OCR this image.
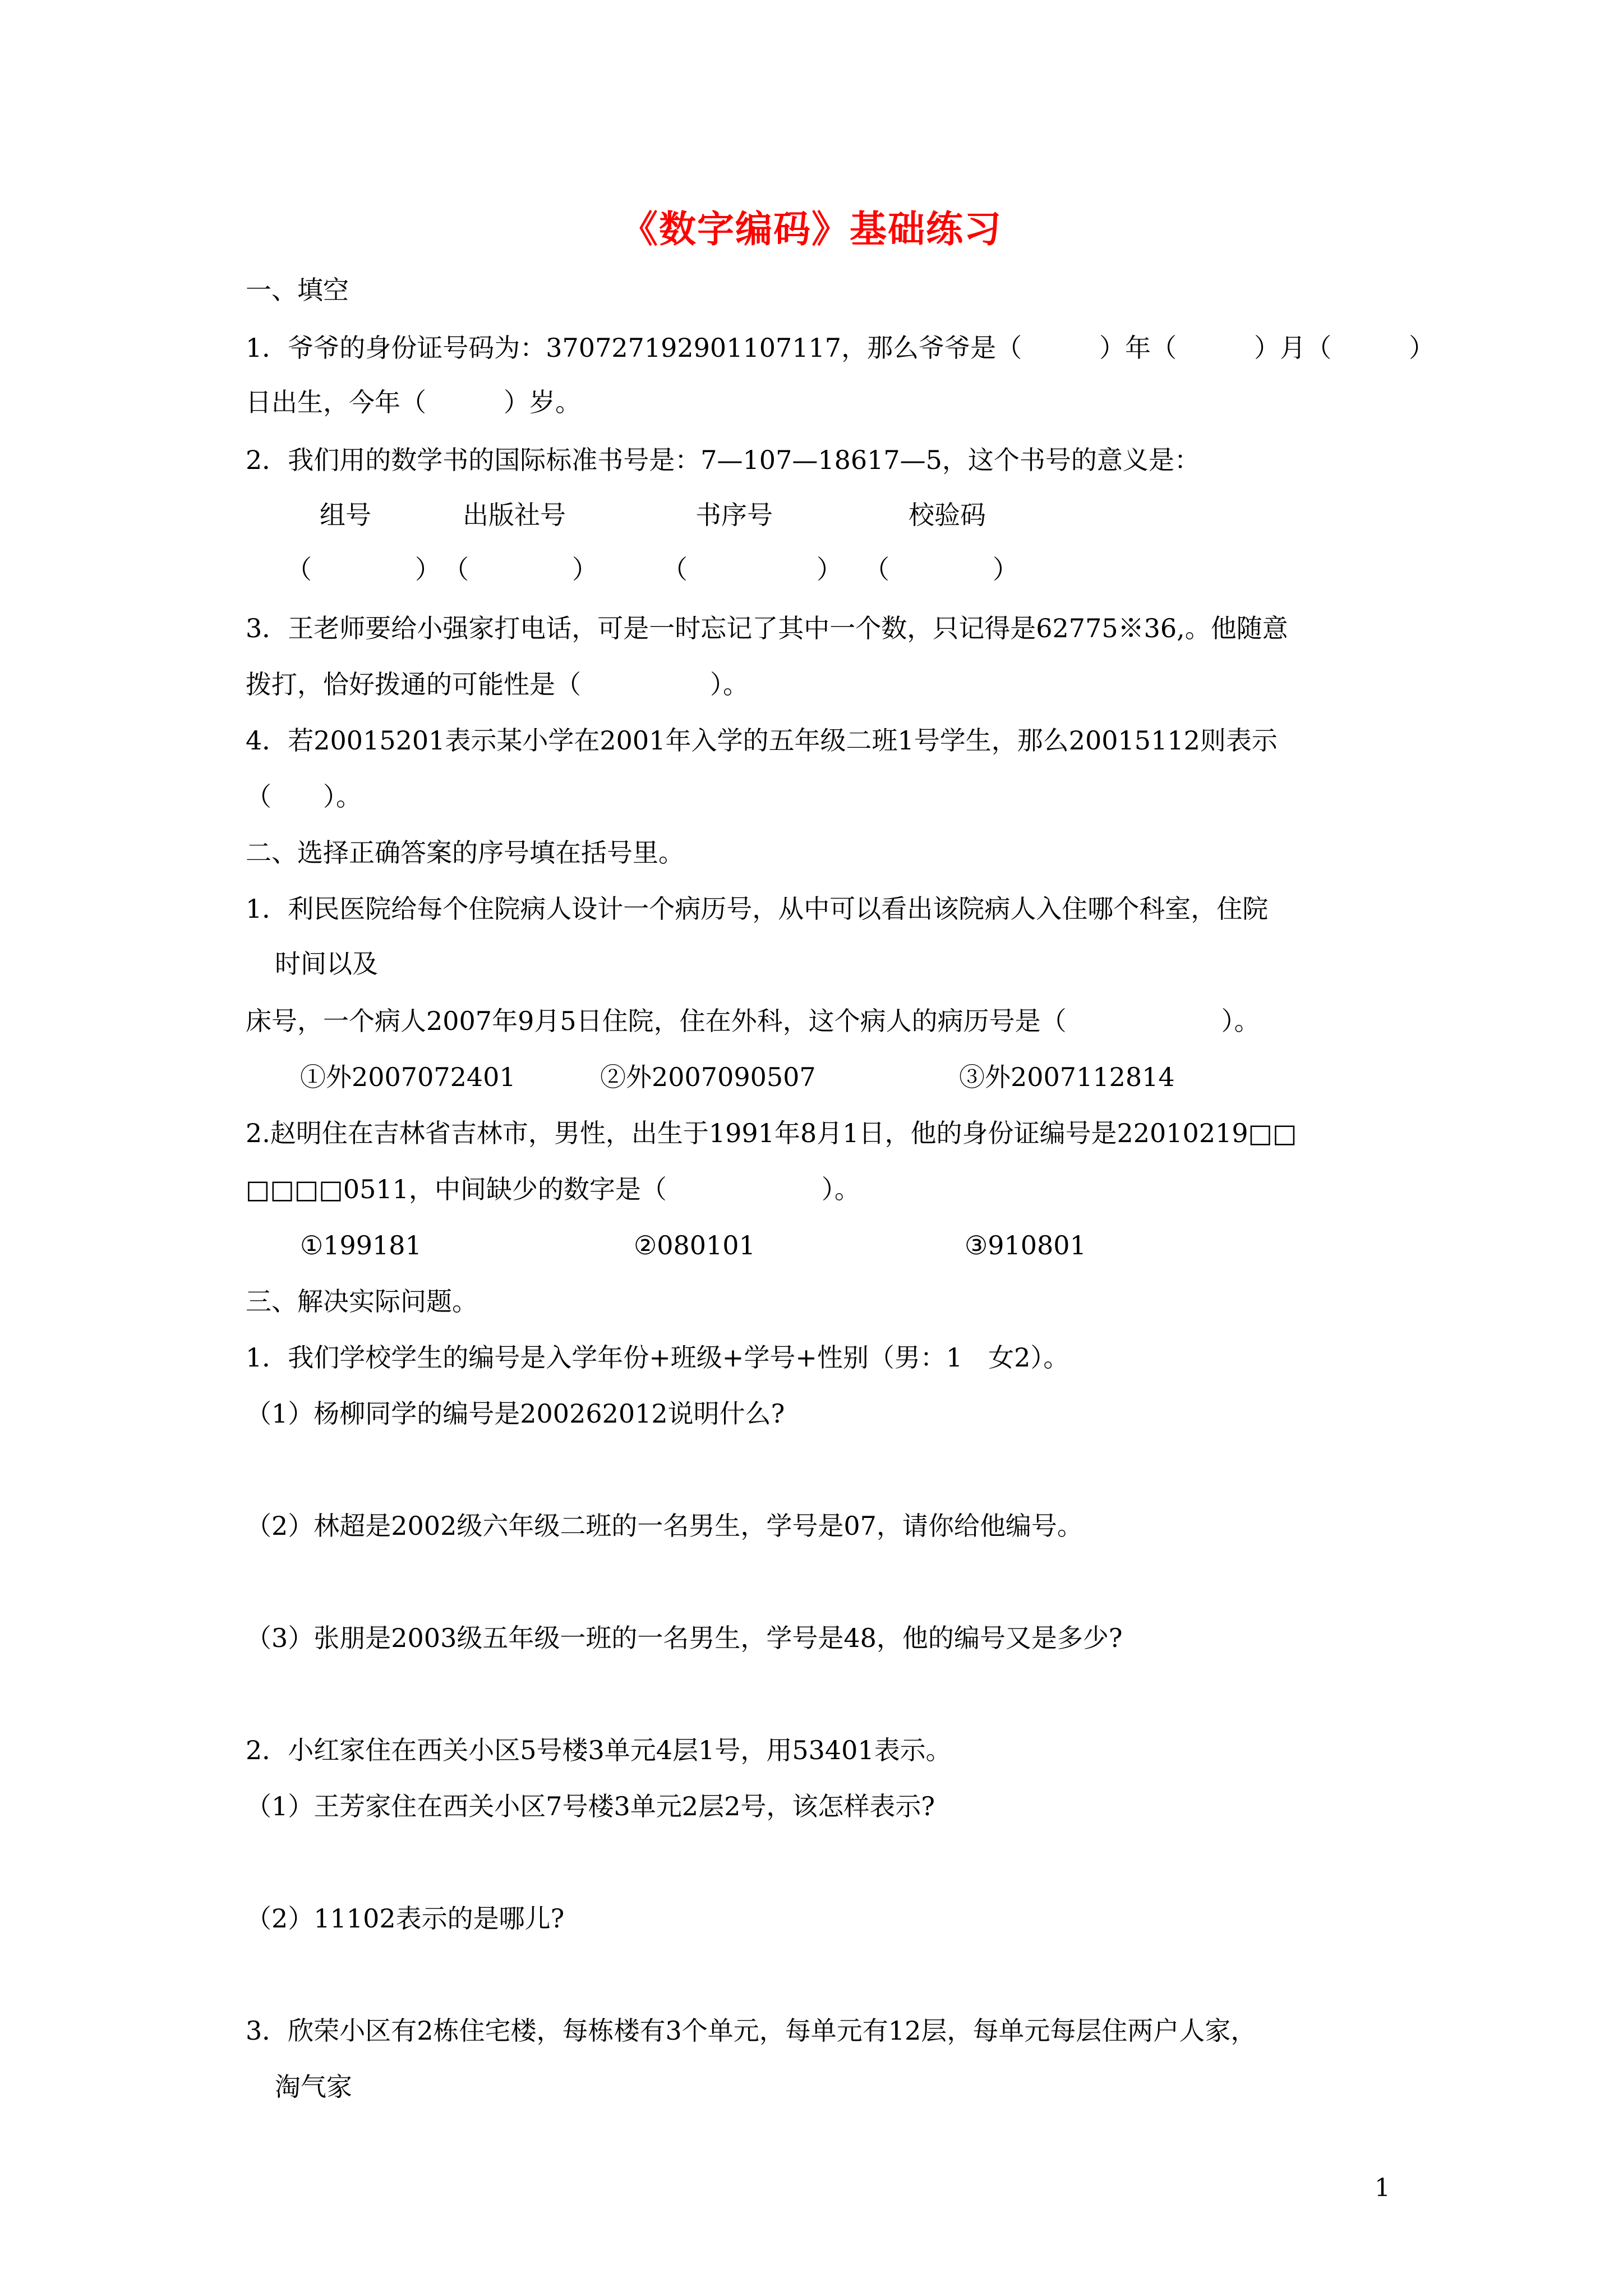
《数字编码》基础练习
一、填空
1．爷爷的身份证号码为：370727192901107117，那么爷爷是（　　　）年（　　　）月（　　　）
日出生，今年（　　　）岁。
2．我们用的数学书的国际标准书号是：7—107—18617—5，这个书号的意义是：
组号	出版社号	书序号	校验码
（　　　　） （　　　　） （　　　　　） （　　　　）
3．王老师要给小强家打电话，可是一时忘记了其中一个数，只记得是62775※36,。他随意
拨打，恰好拨通的可能性是（　　　　　）。
4．若20015201表示某小学在2001年入学的五年级二班1号学生，那么20015112则表示
（　　）。
二、选择正确答案的序号填在括号里。
1．利民医院给每个住院病人设计一个病历号，从中可以看出该院病人入住哪个科室，住院
时间以及
床号，一个病人2007年9月5日住院，住在外科，这个病人的病历号是（　　　　　　）。
①外2007072401	②外2007090507	③外2007112814
2.赵明住在吉林省吉林市，男性，出生于1991年8月1日，他的身份证编号是22010219□□
□□□□0511，中间缺少的数字是（　　　　　　）。
①199181	②080101	③910801
三、解决实际问题。
1．我们学校学生的编号是入学年份+班级+学号+性别（男：1　女2）。
（1）杨柳同学的编号是200262012说明什么?
（2）林超是2002级六年级二班的一名男生，学号是07，请你给他编号。
（3）张朋是2003级五年级一班的一名男生，学号是48，他的编号又是多少?
2．小红家住在西关小区5号楼3单元4层1号，用53401表示。
（1）王芳家住在西关小区7号楼3单元2层2号，该怎样表示?
（2）11102表示的是哪儿?
3．欣荣小区有2栋住宅楼，每栋楼有3个单元，每单元有12层，每单元每层住两户人家，
淘气家
1
